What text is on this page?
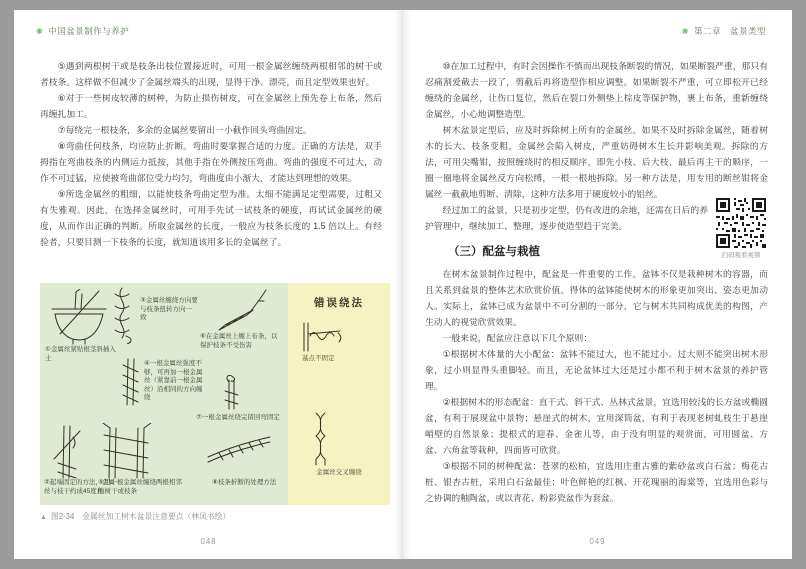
❋ 中国盆景制作与养护

⑤遇到两根树干或是枝条出枝位置接近时，可用一根金属丝缠绕两根相邻的树干或者枝条。这样做不但减少了金属丝端头的出现，显得干净、漂亮，而且定型效果也好。

⑥对于一些树皮较薄的树种，为防止损伤树皮，可在金属丝上预先卷上布条，然后再缠扎加工。

⑦每绕完一根枝条，多余的金属丝要留出一小截作回头弯曲固定。

⑧弯曲任何枝条，均应防止折断。弯曲时要掌握合适的力度。正确的方法是，双手拇指在弯曲枝条的内侧运力抵按，其他手指在外侧按压弯曲。弯曲的强度不可过大，动作不可过猛，应使被弯曲部位受力均匀，弯曲度由小渐大，才能达到理想的效果。

⑨所选金属丝的粗细，以能使枝条弯曲定型为准。太细不能满足定型需要，过粗又有失雅观。因此，在选择金属丝时，可用手先试一试枝条的硬度，再试试金属丝的硬度，从而作出正确的判断。所取金属丝的长度，一般应为枝条长度的 1.5 倍以上。有经验者，只要目测一下枝条的长度，就知道该用多长的金属丝了。

错误绕法
①金属丝紧贴根茎斜插入土
③金属丝缠绕方向要与枝条扭转方向一致
⑥在金属丝上缠上布条，以保护枝条不受伤害
④一根金属丝强度不够，可再加一根金属丝（紧靠前一根金属丝）沿相同的方向缠绕
⑦一根金属丝绕完留回弯固定
②起端固定的方法，金属丝与枝干约成45度角
⑤用一根金属丝缠绕两根相邻的树干或枝条
⑧枝条折断的处理方法
基点不固定
金属丝交叉缠绕
▲ 图2-34　金属丝加工树木盆景注意要点（林凤书绘）
048
❋ 第二章　盆景类型
扫码观看视频

⑩在加工过程中，有时会因操作不慎而出现枝条断裂的情况，如果断裂严重，那只有忍痛割爱截去一段了，剪截后再将造型作相应调整。如果断裂不严重，可立即松开已经缠绕的金属丝，让伤口复位，然后在裂口外侧垫上棕皮等保护物，裹上布条，重新缠绕金属丝，小心地调整造型。

树木盆景定型后，应及时拆除树上所有的金属丝。如果不及时拆除金属丝，随着树木的长大、枝条变粗，金属丝会陷入树皮，严重妨碍树木生长并影响美观。拆除的方法，可用尖嘴钳，按照缠绕时的相反顺序，即先小枝、后大枝、最后再主干的顺序，一圈一圈地将金属丝反方向松缚，一根一根地拆除。另一种方法是，用专用的断丝钳将金属丝一截截地剪断、清除，这种方法多用于硬度较小的铝丝。

经过加工的盆景，只是初步定型，仍有改进的余地，还需在日后的养护管理中，继续加工、整理，逐步使造型趋于完美。

（三）配盆与栽植

在树木盆景制作过程中，配盆是一件重要的工作。盆钵不仅是栽种树木的容器，而且关系到盆景的整体艺术欣赏价值。得体的盆钵能使树木的形象更加突出、姿态更加动人。实际上，盆钵已成为盆景中不可分割的一部分，它与树木共同构成优美的构图，产生动人的视觉欣赏效果。

一般来说，配盆应注意以下几个原则：

①根据树木体量的大小配盆：盆钵不能过大，也不能过小。过大则不能突出树木形象，过小则显得头重脚轻。而且，无论盆钵过大还是过小都不利于树木盆景的养护管理。

②根据树木的形态配盆：直干式、斜干式、丛林式盆景，宜选用较浅的长方盆或椭圆盆，有利于展现盆中景物；悬崖式的树木，宜用深筒盆，有利于表现老树虬枝生于悬崖峭壁的自然景象；提根式的迎春、金雀儿等，由于没有明显的观赏面，可用圆盆、方盆、六角盆等栽种，四面皆可欣赏。

③根据不同的树种配盆：苍翠的松柏，宜选用庄重古雅的紫砂盆或白石盆；梅花古桩、银杏古桩，采用白石盆最佳；叶色鲜艳的红枫、开花瑰丽的海棠等，宜选用色彩与之协调的釉陶盆，或以青花、粉彩瓷盆作为套盆。

049
